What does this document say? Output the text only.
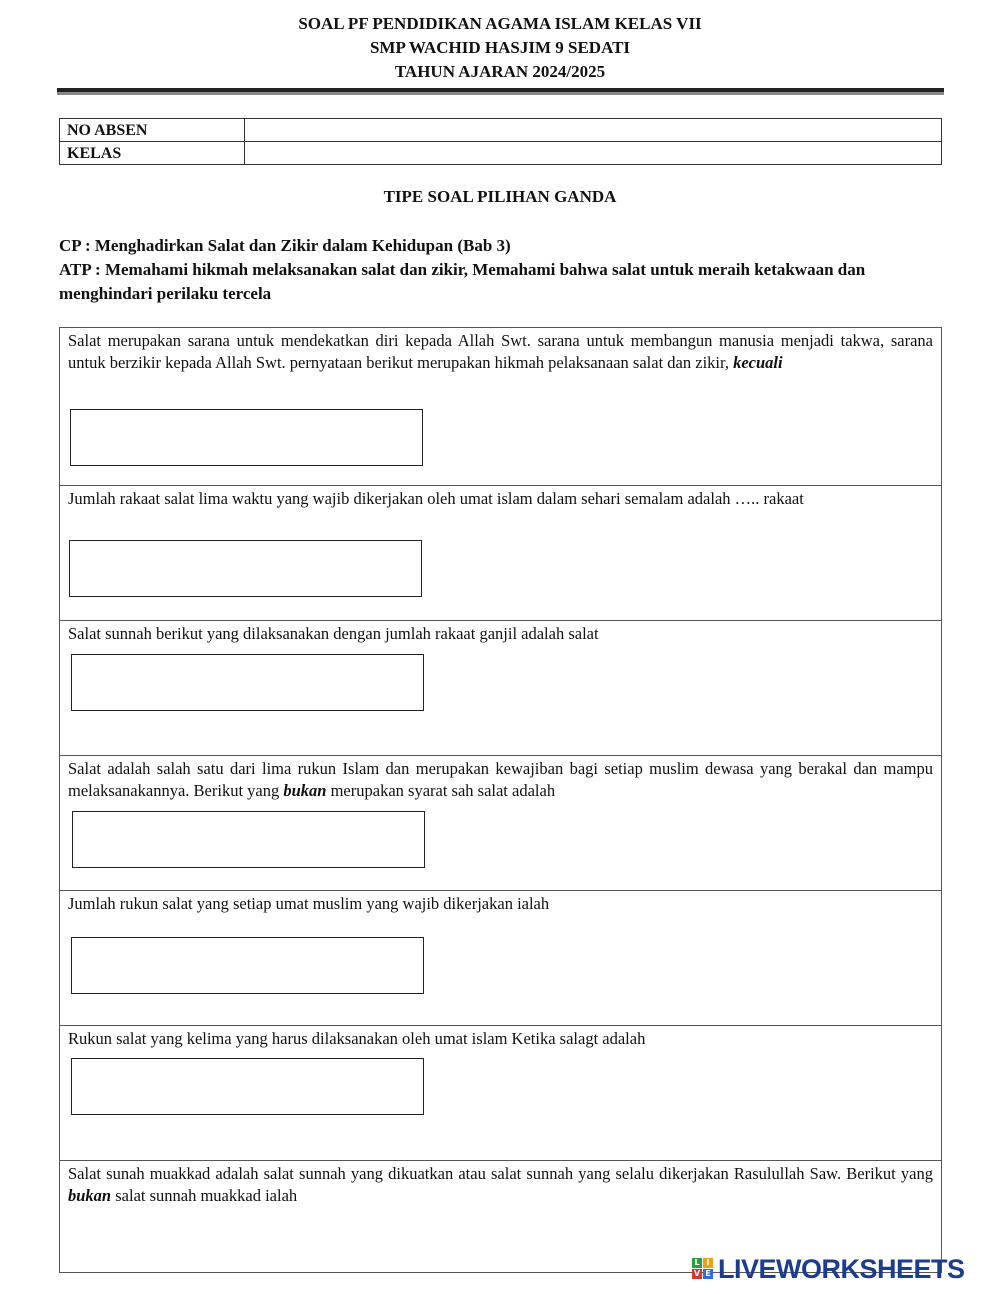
SOAL PF PENDIDIKAN AGAMA ISLAM KELAS VII
SMP WACHID HASJIM 9 SEDATI
TAHUN AJARAN 2024/2025
NO ABSEN	
KELAS	
TIPE SOAL PILIHAN GANDA
CP : Menghadirkan Salat dan Zikir dalam Kehidupan (Bab 3)
ATP : Memahami hikmah melaksanakan salat dan zikir, Memahami bahwa salat untuk meraih ketakwaan dan menghindari perilaku tercela
Salat merupakan sarana untuk mendekatkan diri kepada Allah Swt. sarana untuk membangun manusia menjadi takwa, sarana untuk berzikir kepada Allah Swt. pernyataan berikut merupakan hikmah pelaksanaan salat dan zikir, kecuali
Jumlah rakaat salat lima waktu yang wajib dikerjakan oleh umat islam dalam sehari semalam adalah ….. rakaat
Salat sunnah berikut yang dilaksanakan dengan jumlah rakaat ganjil adalah salat
Salat adalah salah satu dari lima rukun Islam dan merupakan kewajiban bagi setiap muslim dewasa yang berakal dan mampu melaksanakannya. Berikut yang bukan merupakan syarat sah salat adalah
Jumlah rukun salat yang setiap umat muslim yang wajib dikerjakan ialah
Rukun salat yang kelima yang harus dilaksanakan oleh umat islam Ketika salagt adalah
Salat sunah muakkad adalah salat sunnah yang dikuatkan atau salat sunnah yang selalu dikerjakan Rasulullah Saw. Berikut yang bukan salat sunnah muakkad ialah
L I
V E LIVEWORKSHEETS
